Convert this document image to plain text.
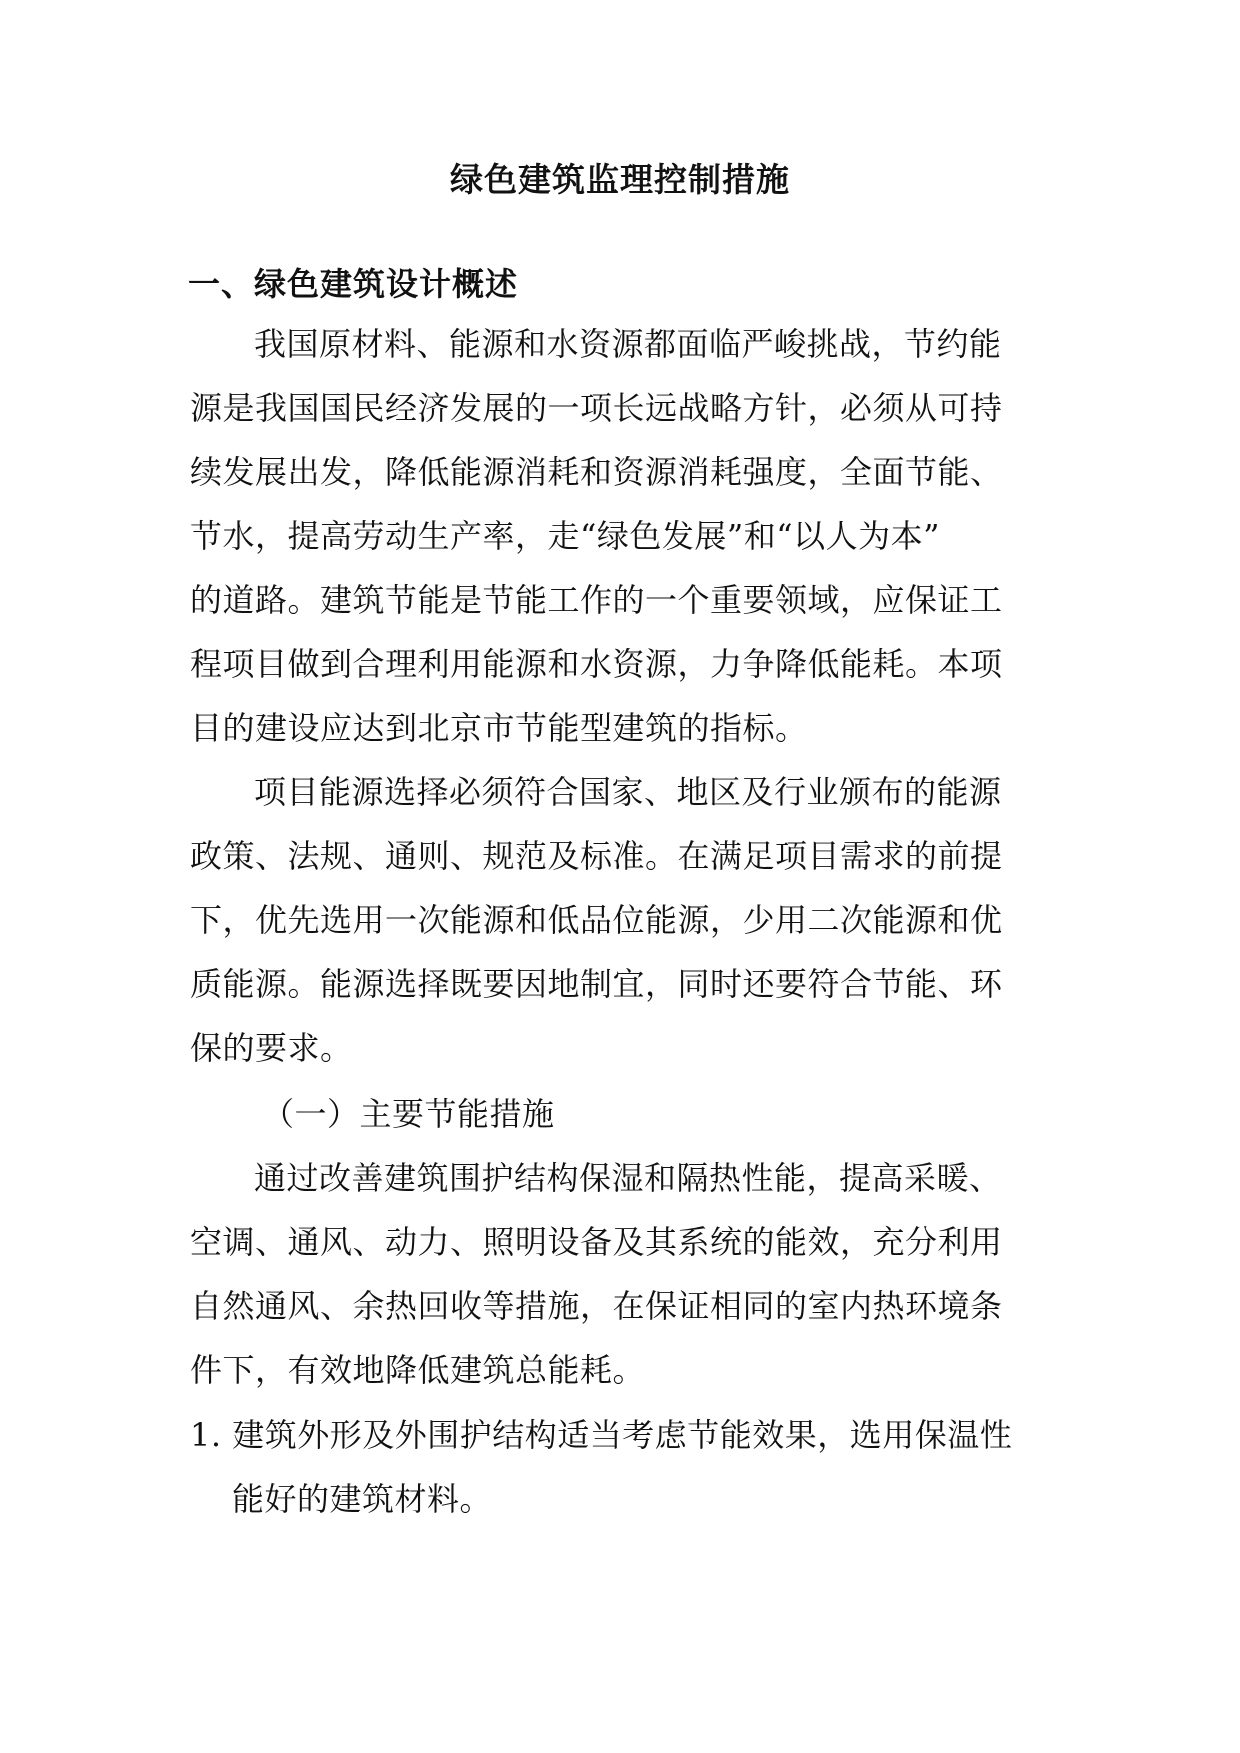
绿色建筑监理控制措施
一、绿色建筑设计概述
我国原材料、能源和水资源都面临严峻挑战，节约能
源是我国国民经济发展的一项长远战略方针，必须从可持
续发展出发，降低能源消耗和资源消耗强度，全面节能、
节水，提高劳动生产率，走“绿色发展”和“以人为本”
的道路。建筑节能是节能工作的一个重要领域，应保证工
程项目做到合理利用能源和水资源，力争降低能耗。本项
目的建设应达到北京市节能型建筑的指标。
项目能源选择必须符合国家、地区及行业颁布的能源
政策、法规、通则、规范及标准。在满足项目需求的前提
下，优先选用一次能源和低品位能源，少用二次能源和优
质能源。能源选择既要因地制宜，同时还要符合节能、环
保的要求。
（一）主要节能措施
通过改善建筑围护结构保湿和隔热性能，提高采暖、
空调、通风、动力、照明设备及其系统的能效，充分利用
自然通风、余热回收等措施，在保证相同的室内热环境条
件下，有效地降低建筑总能耗。
1. 建筑外形及外围护结构适当考虑节能效果，选用保温性
能好的建筑材料。
